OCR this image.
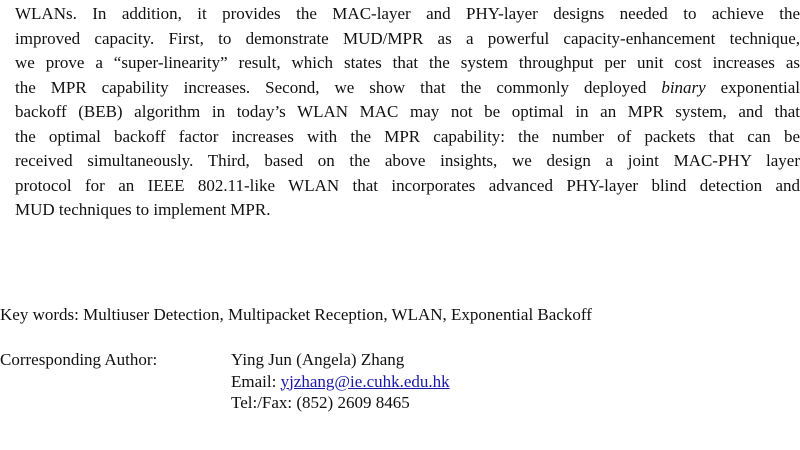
WLANs. In addition, it provides the MAC-layer and PHY-layer designs needed to achieve the
improved capacity. First, to demonstrate MUD/MPR as a powerful capacity-enhancement technique,
we prove a “super-linearity” result, which states that the system throughput per unit cost increases as
the MPR capability increases. Second, we show that the commonly deployed binary exponential
backoff (BEB) algorithm in today’s WLAN MAC may not be optimal in an MPR system, and that
the optimal backoff factor increases with the MPR capability: the number of packets that can be
received simultaneously. Third, based on the above insights, we design a joint MAC-PHY layer
protocol for an IEEE 802.11-like WLAN that incorporates advanced PHY-layer blind detection and
MUD techniques to implement MPR.
Key words: Multiuser Detection, Multipacket Reception, WLAN, Exponential Backoff
Corresponding Author:	Ying Jun (Angela) Zhang
Email: yjzhang@ie.cuhk.edu.hk
Tel:/Fax: (852) 2609 8465
